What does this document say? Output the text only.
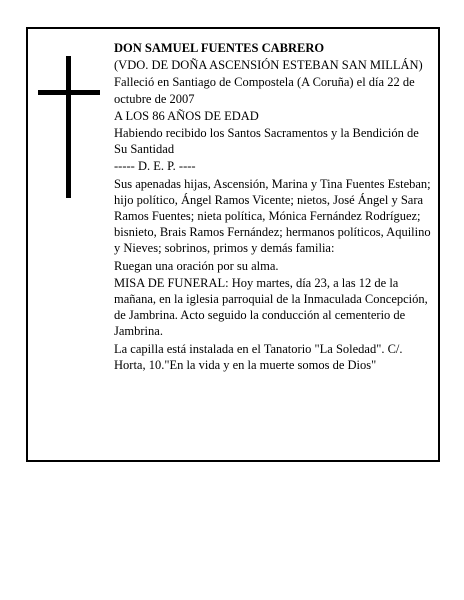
DON SAMUEL FUENTES CABRERO

(VDO. DE DOÑA ASCENSIÓN ESTEBAN SAN MILLÁN)

Falleció en Santiago de Compostela (A Coruña) el día 22 de octubre de 2007

A LOS 86 AÑOS DE EDAD

Habiendo recibido los Santos Sacramentos y la Bendición de Su Santidad

----- D. E. P. ----

Sus apenadas hijas, Ascensión, Marina y Tina Fuentes Esteban; hijo político, Ángel Ramos Vicente; nietos, José Ángel y Sara Ramos Fuentes; nieta política, Mónica Fernández Rodríguez; bisnieto, Brais Ramos Fernández; hermanos políticos, Aquilino y Nieves; sobrinos, primos y demás familia:

Ruegan una oración por su alma.

MISA DE FUNERAL: Hoy martes, día 23, a las 12 de la mañana, en la iglesia parroquial de la Inmaculada Concepción, de Jambrina. Acto seguido la conducción al cementerio de Jambrina.

La capilla está instalada en el Tanatorio "La Soledad". C/. Horta, 10."En la vida y en la muerte somos de Dios"
